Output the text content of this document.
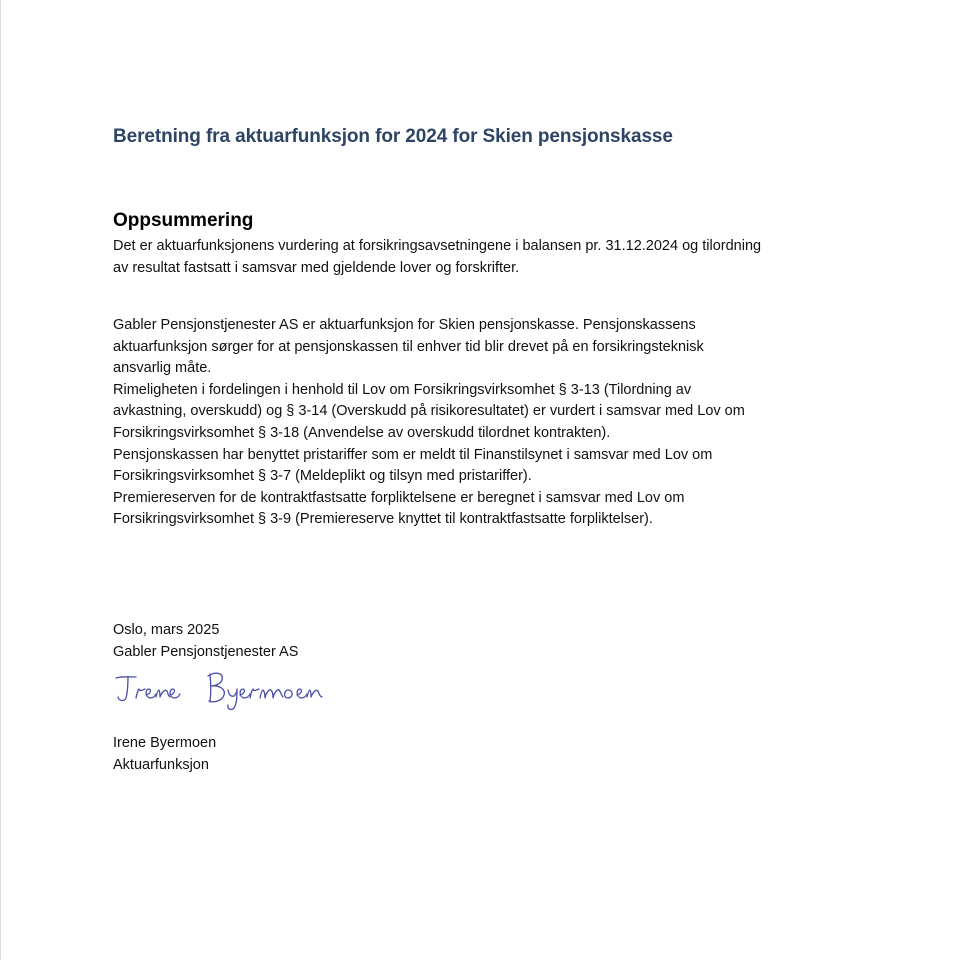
Beretning fra aktuarfunksjon for 2024 for Skien pensjonskasse
Oppsummering

Det er aktuarfunksjonens vurdering at forsikringsavsetningene i balansen pr. 31.12.2024 og tilordning
av resultat fastsatt i samsvar med gjeldende lover og forskrifter.

Gabler Pensjonstjenester AS er aktuarfunksjon for Skien pensjonskasse. Pensjonskassens
aktuarfunksjon sørger for at pensjonskassen til enhver tid blir drevet på en forsikringsteknisk
ansvarlig måte.
Rimeligheten i fordelingen i henhold til Lov om Forsikringsvirksomhet § 3-13 (Tilordning av
avkastning, overskudd) og § 3-14 (Overskudd på risikoresultatet) er vurdert i samsvar med Lov om
Forsikringsvirksomhet § 3-18 (Anvendelse av overskudd tilordnet kontrakten).
Pensjonskassen har benyttet pristariffer som er meldt til Finanstilsynet i samsvar med Lov om
Forsikringsvirksomhet § 3-7 (Meldeplikt og tilsyn med pristariffer).
Premiereserven for de kontraktfastsatte forpliktelsene er beregnet i samsvar med Lov om
Forsikringsvirksomhet § 3-9 (Premiereserve knyttet til kontraktfastsatte forpliktelser).

Oslo, mars 2025
Gabler Pensjonstjenester AS
Irene Byermoen
Aktuarfunksjon
